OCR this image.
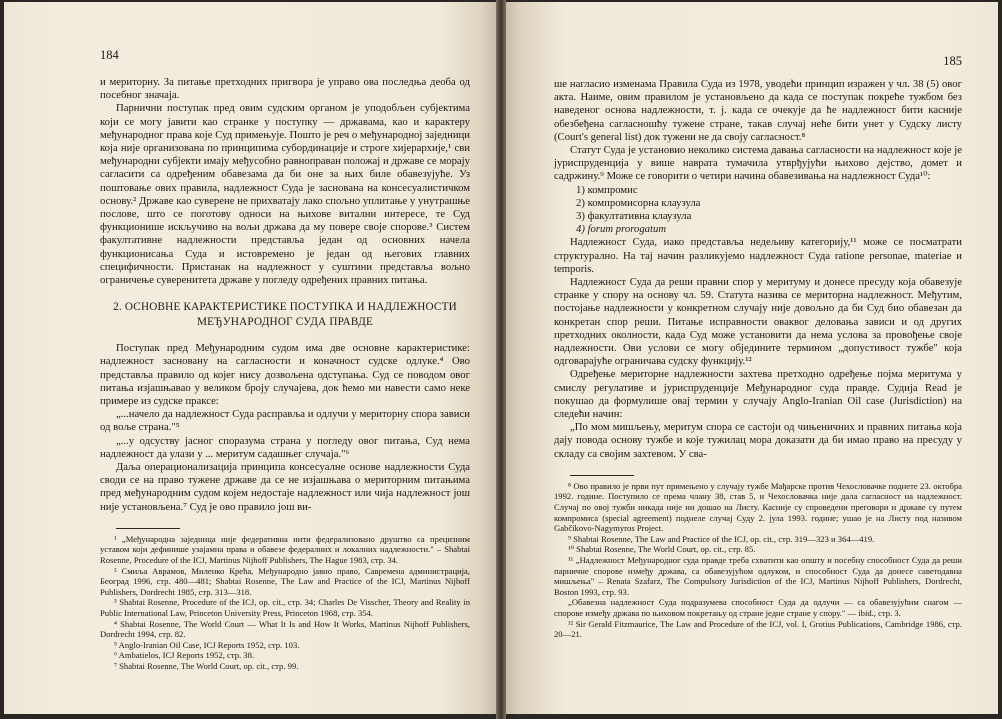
184

и мериторну. За питање претходних пригворa је управо ова последња деоба од посебног значаја.

Парнични поступак пред овим судским органом је уподобљен субјектима који се могу јавити као странке у поступку — државама, као и карактеру међународног права које Суд примењује. Пошто је реч о међународној заједници која није организована по принципима субординације и строге хијерархије,¹ сви међународни субјекти имају међусобно равноправан положај и државе се морају сагласити са одређеним обавезама да би оне за њих биле обавезујуће. Уз поштовање ових правила, надлежност Суда је заснована на консесуалистичком основу.² Државе као суверене не прихватају лако спољно уплитање у унутрашње послове, што се поготову односи на њихове витални интересе, те Суд функционише искључиво на вољи држава да му повере своје спорове.³ Систем факултативне надлежности представља један од основних начела функционисања Суда и истовремено је један од његових главних специфичности. Пристанак на надлежност у суштини представља вољно ограничење суверенитета државе у погледу одређених правних питања.

2. ОСНОВНЕ КАРАКТЕРИСТИКЕ ПОСТУПКА И НАДЛЕЖНОСТИ МЕЂУНАРОДНОГ СУДА ПРАВДЕ

Поступак пред Међународним судом има две основне карактеристике: надлежност засновану на сагласности и коначност судске одлуке.⁴ Ово представља правило од којег нису дозвољена одступања. Суд се поводом овог питања изјашњавао у великом броју случајева, док ћемо ми навести само неке примере из судске праксе:

„...начело да надлежност Суда расправља и одлучи у мериторну спора зависи од воље страна."⁵

„...у одсуству јасног споразума странa у погледу овог питања, Суд нема надлежност да улази у ... меритум садашњег случаја."⁶

Даља операционализација принципа консесуалне основе надлежности Суда своди се на право тужене државе да се не изјашњава о мериторним питањима пред међународним судом којем недостаје надлежност или чија надлежност још није установљена.⁷ Суд је ово правило још ви-

¹ „Међународна заједница није федеративна нити федерализовано друштво са прецизним уставом који дефинише узајамна права и обавезе федералних и локалних надлежности." – Shabtai Rosenne, Procedure of the ICJ, Martinus Nijhoff Publishers, The Hague 1983, стр. 34.

² Смиља Аврамов, Миленко Крећа, Међународно јавно право, Савремена администрација, Београд 1996, стр. 480—481; Shabtai Rosenne, The Law and Practice of the ICJ, Martinus Nijhoff Publishers, Dordrecht 1985, стр. 313—318.

³ Shabtai Rosenne, Procedure of the ICJ, op. cit., стр. 34; Charles De Visscher, Theory and Reality in Public International Law, Princeton University Press, Princeton 1968, стр. 354.

⁴ Shabtai Rosenne, The World Court — What It Is and How It Works, Martinus Nijhoff Publishers, Dordrecht 1994, стр. 82.

⁵ Anglo-Iranian Oil Case, ICJ Reports 1952, стр. 103.

⁶ Ambatielos, ICJ Reports 1952, стр. 38.

⁷ Shabtai Rosenne, The World Court, op. cit., стр. 99.

185

ше нагласио измeнама Правила Суда из 1978, уводећи принцип изражен у чл. 38 (5) овог акта. Наиме, овим правилом је установљено да када се поступак покреће тужбом без наведеног основа надлежности, т. j. када се очекује да ће надлежност бити касније обезбеђена сагласношћу тужене стране, такав случај неће бити унет у Судску листу (Court's general list) док тужени не да своју сагласност.⁸

Статут Суда је установио неколико система давања сагласности на надлежност које је јуриспруденција у више наврата тумачила утврђујући њихово дејство, домет и садржину.⁹ Може се говорити о четири начина обавезивања на надлежност Суда¹⁰:

1) компромис
2) компромисорна клаузула
3) факултативна клаузула
4) forum prorogatum

Надлежност Суда, иако представља недељиву категорију,¹¹ може се посматрати структурално. На тај начин разликујемо надлежност Суда ratione personae, materiae и temporis.

Надлежност Суда да реши правни спор у меритуму и донесе пресуду која обавезује странке у спору на основу чл. 59. Статута назива се мериторна надлежност. Међутим, постојање надлежности у конкретном случају није довољно да би Суд био обавезан да конкретан спор реши. Питање исправности оваквог деловања зависи и од других претходних околности, када Суд може установити да нема услова за провођење своје надлежности. Ови услови се могу обједините термином „допустивост тужбе" која одговарајуће ограничава судску функцију.¹²

Одређење мериторне надлежности захтева претходно одређење појма меритума у смислу регулативе и јуриспруденције Међународног суда правде. Судија Read је покушао да формулише овај термин у случају Anglo-Iranian Oil case (Jurisdiction) на следећи начин:

„По мом мишљењу, меритум спора се састоји од чињеничних и правних питања која дају повода основу тужбе и које тужилац мора доказати да би имао право на пресуду у складу са својим захтевом. У сва-

⁸ Ово правило је први пут примењено у случају тужбе Мађарске против Чехословачке поднете 23. октобра 1992. године. Поступило се према члану 38, став 5, и Чехословачка није дала сагласност на надлежност. Случај по овој тужби никада није ни дошао на Листу. Касније су спроведени преговори и државе су путем компромиса (special agreement) поднеле случај Суду 2. јула 1993. године; ушао је на Листу под називом Gabčíkovo-Nagymyros Project.

⁹ Shabtai Rosenne, The Law and Practice of the ICJ, op. cit., стр. 319—323 и 364—419.

¹⁰ Shabtai Rosenne, The World Court, op. cit., стр. 85.

¹¹ „Надлежност Међународног суда правде треба схватити као општу и посебну способност Суда да реши парничне спорове између држава, са обавезујућом одлуком, и способност Суда да донесе саветодавна мишљења" – Renata Szafarz, The Compulsory Jurisdiction of the ICJ, Martinus Nijhoff Publishers, Dordrecht, Boston 1993, стр. 93.

„Обавезна надлежност Суда подразумева способност Суда да одлучи — са обавезујућим снагом — спорове између држава по њиховом покретању од стране једне стране у спору." — ibid., стр. 3.

¹² Sir Gerald Fitzmaurice, The Law and Procedure of the ICJ, vol. I, Grotius Publications, Cambridge 1986, стр. 20—21.
